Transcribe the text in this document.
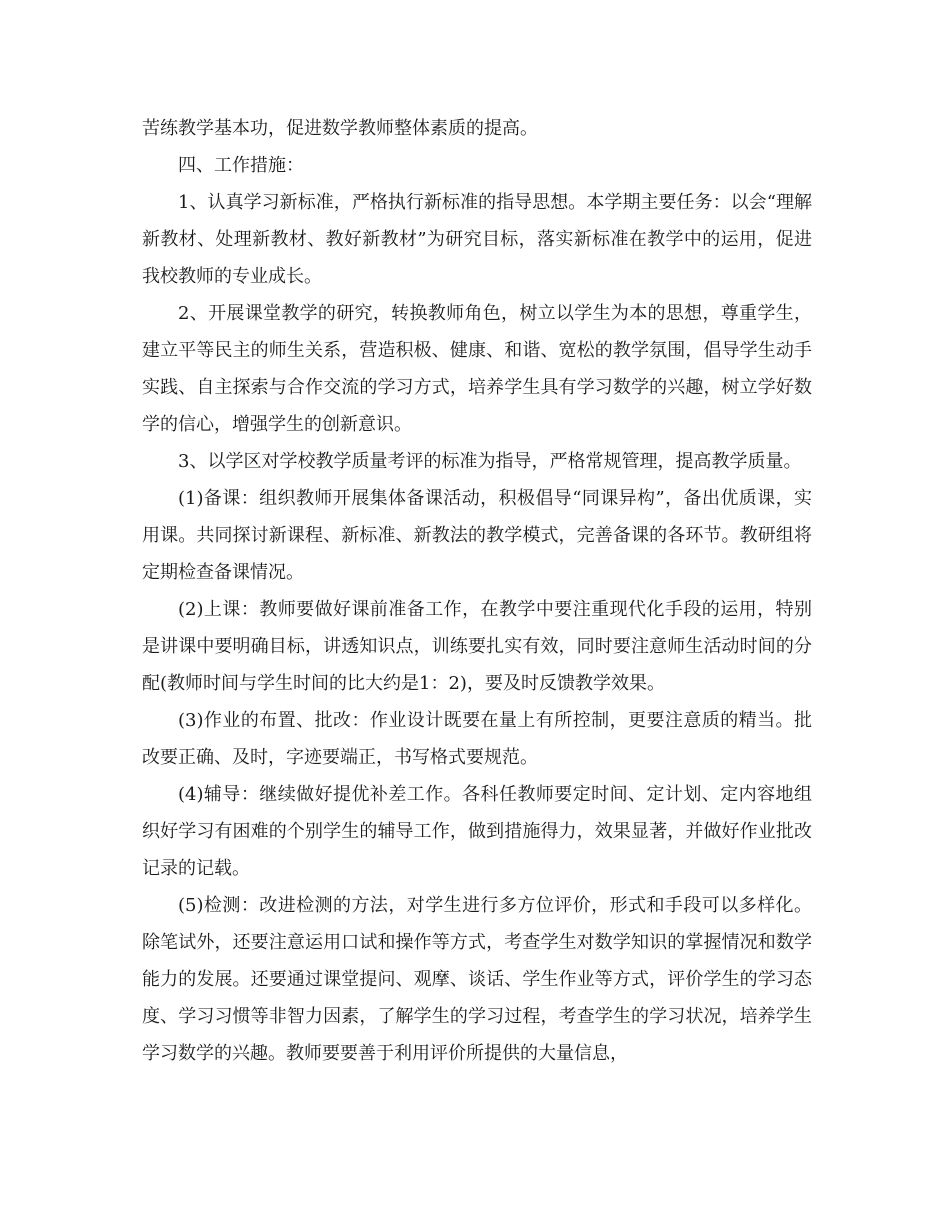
苦练教学基本功，促进数学教师整体素质的提高。

四、工作措施：

1、认真学习新标准，严格执行新标准的指导思想。本学期主要任务：以会“理解新教材、处理新教材、教好新教材”为研究目标，落实新标准在教学中的运用，促进我校教师的专业成长。

2、开展课堂教学的研究，转换教师角色，树立以学生为本的思想，尊重学生，建立平等民主的师生关系，营造积极、健康、和谐、宽松的教学氛围，倡导学生动手实践、自主探索与合作交流的学习方式，培养学生具有学习数学的兴趣，树立学好数学的信心，增强学生的创新意识。

3、以学区对学校教学质量考评的标准为指导，严格常规管理，提高教学质量。

(1)备课：组织教师开展集体备课活动，积极倡导“同课异构”，备出优质课，实用课。共同探讨新课程、新标准、新教法的教学模式，完善备课的各环节。教研组将定期检查备课情况。

(2)上课：教师要做好课前准备工作，在教学中要注重现代化手段的运用，特别是讲课中要明确目标，讲透知识点，训练要扎实有效，同时要注意师生活动时间的分配(教师时间与学生时间的比大约是1：2)，要及时反馈教学效果。

(3)作业的布置、批改：作业设计既要在量上有所控制，更要注意质的精当。批改要正确、及时，字迹要端正，书写格式要规范。

(4)辅导：继续做好提优补差工作。各科任教师要定时间、定计划、定内容地组织好学习有困难的个别学生的辅导工作，做到措施得力，效果显著，并做好作业批改记录的记载。

(5)检测：改进检测的方法，对学生进行多方位评价，形式和手段可以多样化。除笔试外，还要注意运用口试和操作等方式，考查学生对数学知识的掌握情况和数学能力的发展。还要通过课堂提问、观摩、谈话、学生作业等方式，评价学生的学习态度、学习习惯等非智力因素，了解学生的学习过程，考查学生的学习状况，培养学生学习数学的兴趣。教师要要善于利用评价所提供的大量信息，
